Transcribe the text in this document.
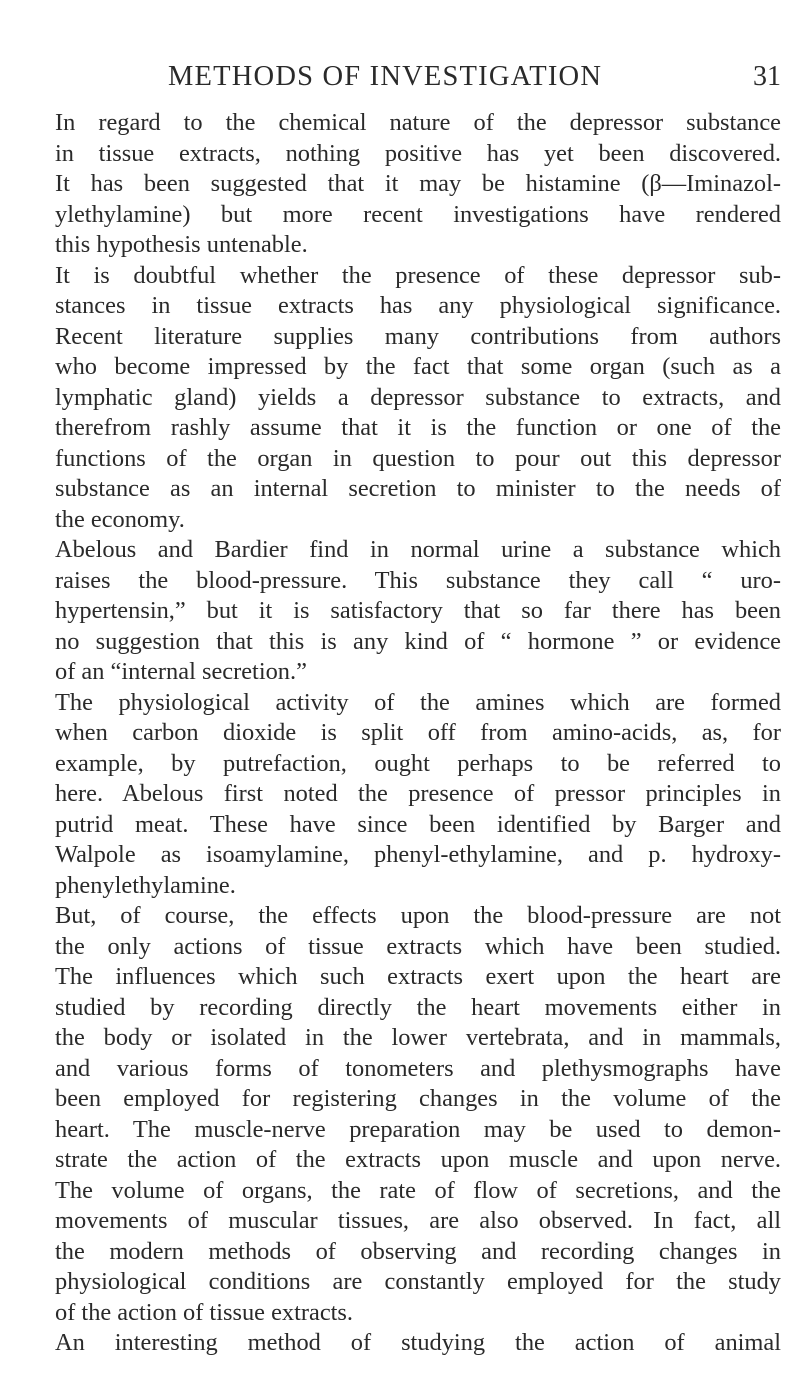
METHODS OF INVESTIGATION	31
In regard to the chemical nature of the depressor substance
in tissue extracts, nothing positive has yet been discovered.
It has been suggested that it may be histamine (β—Iminazol-
ylethylamine) but more recent investigations have rendered
this hypothesis untenable.
It is doubtful whether the presence of these depressor sub-
stances in tissue extracts has any physiological significance.
Recent literature supplies many contributions from authors
who become impressed by the fact that some organ (such as a
lymphatic gland) yields a depressor substance to extracts, and
therefrom rashly assume that it is the function or one of the
functions of the organ in question to pour out this depressor
substance as an internal secretion to minister to the needs of
the economy.
Abelous and Bardier find in normal urine a substance which
raises the blood-pressure. This substance they call “ uro-
hypertensin,” but it is satisfactory that so far there has been
no suggestion that this is any kind of “ hormone ” or evidence
of an “internal secretion.”
The physiological activity of the amines which are formed
when carbon dioxide is split off from amino-acids, as, for
example, by putrefaction, ought perhaps to be referred to
here. Abelous first noted the presence of pressor principles in
putrid meat. These have since been identified by Barger and
Walpole as isoamylamine, phenyl-ethylamine, and p. hydroxy-
phenylethylamine.
But, of course, the effects upon the blood-pressure are not
the only actions of tissue extracts which have been studied.
The influences which such extracts exert upon the heart are
studied by recording directly the heart movements either in
the body or isolated in the lower vertebrata, and in mammals,
and various forms of tonometers and plethysmographs have
been employed for registering changes in the volume of the
heart. The muscle-nerve preparation may be used to demon-
strate the action of the extracts upon muscle and upon nerve.
The volume of organs, the rate of flow of secretions, and the
movements of muscular tissues, are also observed. In fact, all
the modern methods of observing and recording changes in
physiological conditions are constantly employed for the study
of the action of tissue extracts.
An interesting method of studying the action of animal
